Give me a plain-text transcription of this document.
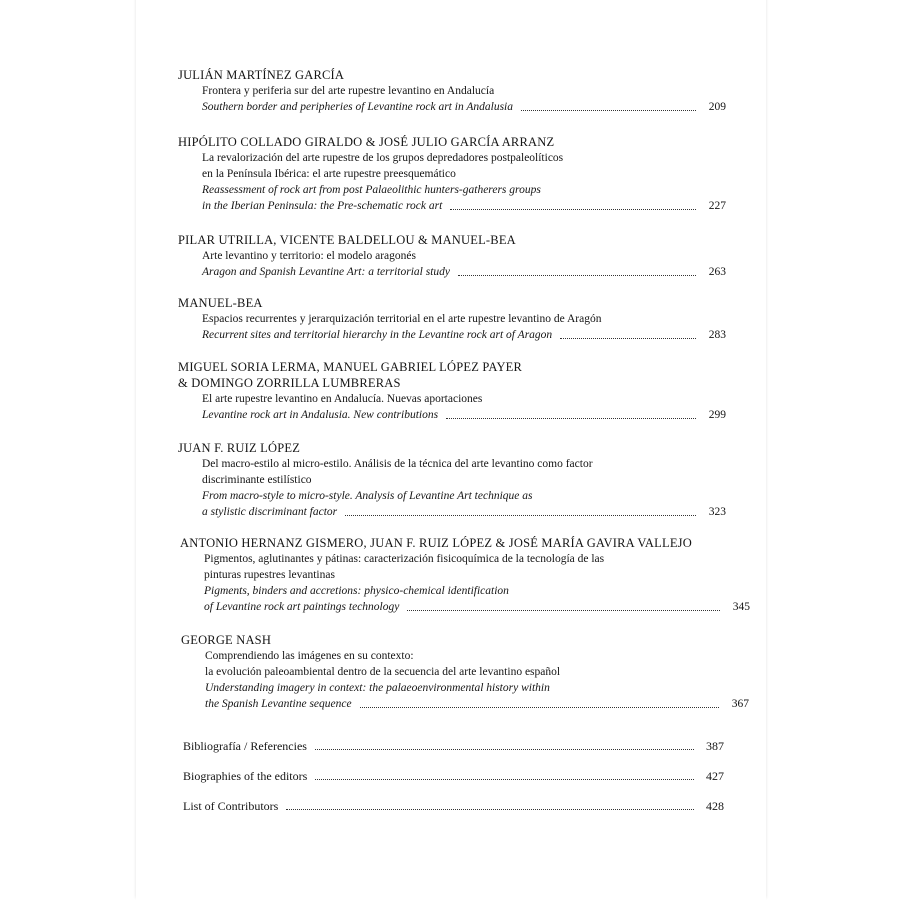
JULIÁN MARTÍNEZ GARCÍA
Frontera y periferia sur del arte rupestre levantino en Andalucía
Southern border and peripheries of Levantine rock art in Andalusia	209
HIPÓLITO COLLADO GIRALDO & JOSÉ JULIO GARCÍA ARRANZ
La revalorización del arte rupestre de los grupos depredadores postpaleolíticos
en la Península Ibérica: el arte rupestre preesquemático
Reassessment of rock art from post Palaeolithic hunters-gatherers groups
in the Iberian Peninsula: the Pre-schematic rock art	227
PILAR UTRILLA, VICENTE BALDELLOU & MANUEL-BEA
Arte levantino y territorio: el modelo aragonés
Aragon and Spanish Levantine Art: a territorial study	263
MANUEL-BEA
Espacios recurrentes y jerarquización territorial en el arte rupestre levantino de Aragón
Recurrent sites and territorial hierarchy in the Levantine rock art of Aragon	283
MIGUEL SORIA LERMA, MANUEL GABRIEL LÓPEZ PAYER
& DOMINGO ZORRILLA LUMBRERAS
El arte rupestre levantino en Andalucía. Nuevas aportaciones
Levantine rock art in Andalusia. New contributions	299
JUAN F. RUIZ LÓPEZ
Del macro-estilo al micro-estilo. Análisis de la técnica del arte levantino como factor
discriminante estilístico
From macro-style to micro-style. Analysis of Levantine Art technique as
a stylistic discriminant factor	323
ANTONIO HERNANZ GISMERO, JUAN F. RUIZ LÓPEZ & JOSÉ MARÍA GAVIRA VALLEJO
Pigmentos, aglutinantes y pátinas: caracterización fisicoquímica de la tecnología de las
pinturas rupestres levantinas
Pigments, binders and accretions: physico-chemical identification
of Levantine rock art paintings technology	345
GEORGE NASH
Comprendiendo las imágenes en su contexto:
la evolución paleoambiental dentro de la secuencia del arte levantino español
Understanding imagery in context: the palaeoenvironmental history within
the Spanish Levantine sequence	367
Bibliografía / Referencies	387
Biographies of the editors	427
List of Contributors	428
